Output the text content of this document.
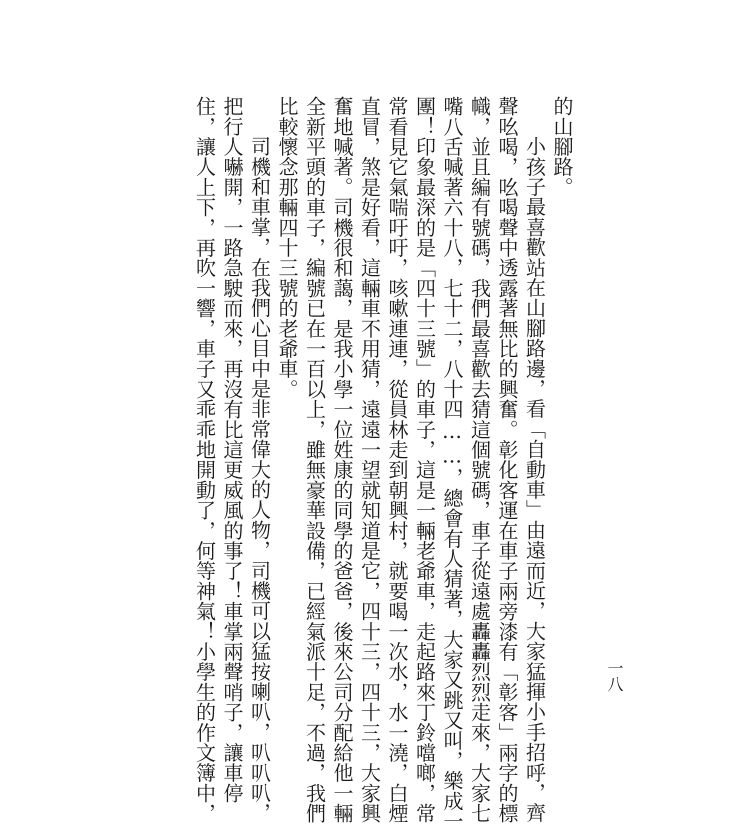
的山腳路。
小孩子最喜歡站在山腳路邊，看「自動車」由遠而近，大家猛揮小手招呼，齊
聲吆喝，吆喝聲中透露著無比的興奮。彰化客運在車子兩旁漆有「彰客」兩字的標
幟，並且編有號碼，我們最喜歡去猜這個號碼，車子從遠處轟轟烈烈走來，大家七
嘴八舌喊著六十八，七十二，八十四……，總會有人猜著，大家又跳又叫，樂成一
團！印象最深的是「四十三號」的車子，這是一輛老爺車，走起路來丁鈴噹啷，常
常看見它氣喘吁吁，咳嗽連連，從員林走到朝興村，就要喝一次水，水一澆，白煙
直冒，煞是好看，這輛車不用猜，遠遠一望就知道是它，四十三，四十三，大家興
奮地喊著。司機很和藹，是我小學一位姓康的同學的爸爸，後來公司分配給他一輛
全新平頭的車子，編號已在一百以上，雖無豪華設備，已經氣派十足，不過，我們
比較懷念那輛四十三號的老爺車。
司機和車掌，在我們心目中是非常偉大的人物，司機可以猛按喇叭，叭叭叭，
把行人嚇開，一路急駛而來，再沒有比這更威風的事了！車掌兩聲哨子，讓車停
住，讓人上下，再吹一響，車子又乖乖地開動了，何等神氣！小學生的作文簿中，	一八
